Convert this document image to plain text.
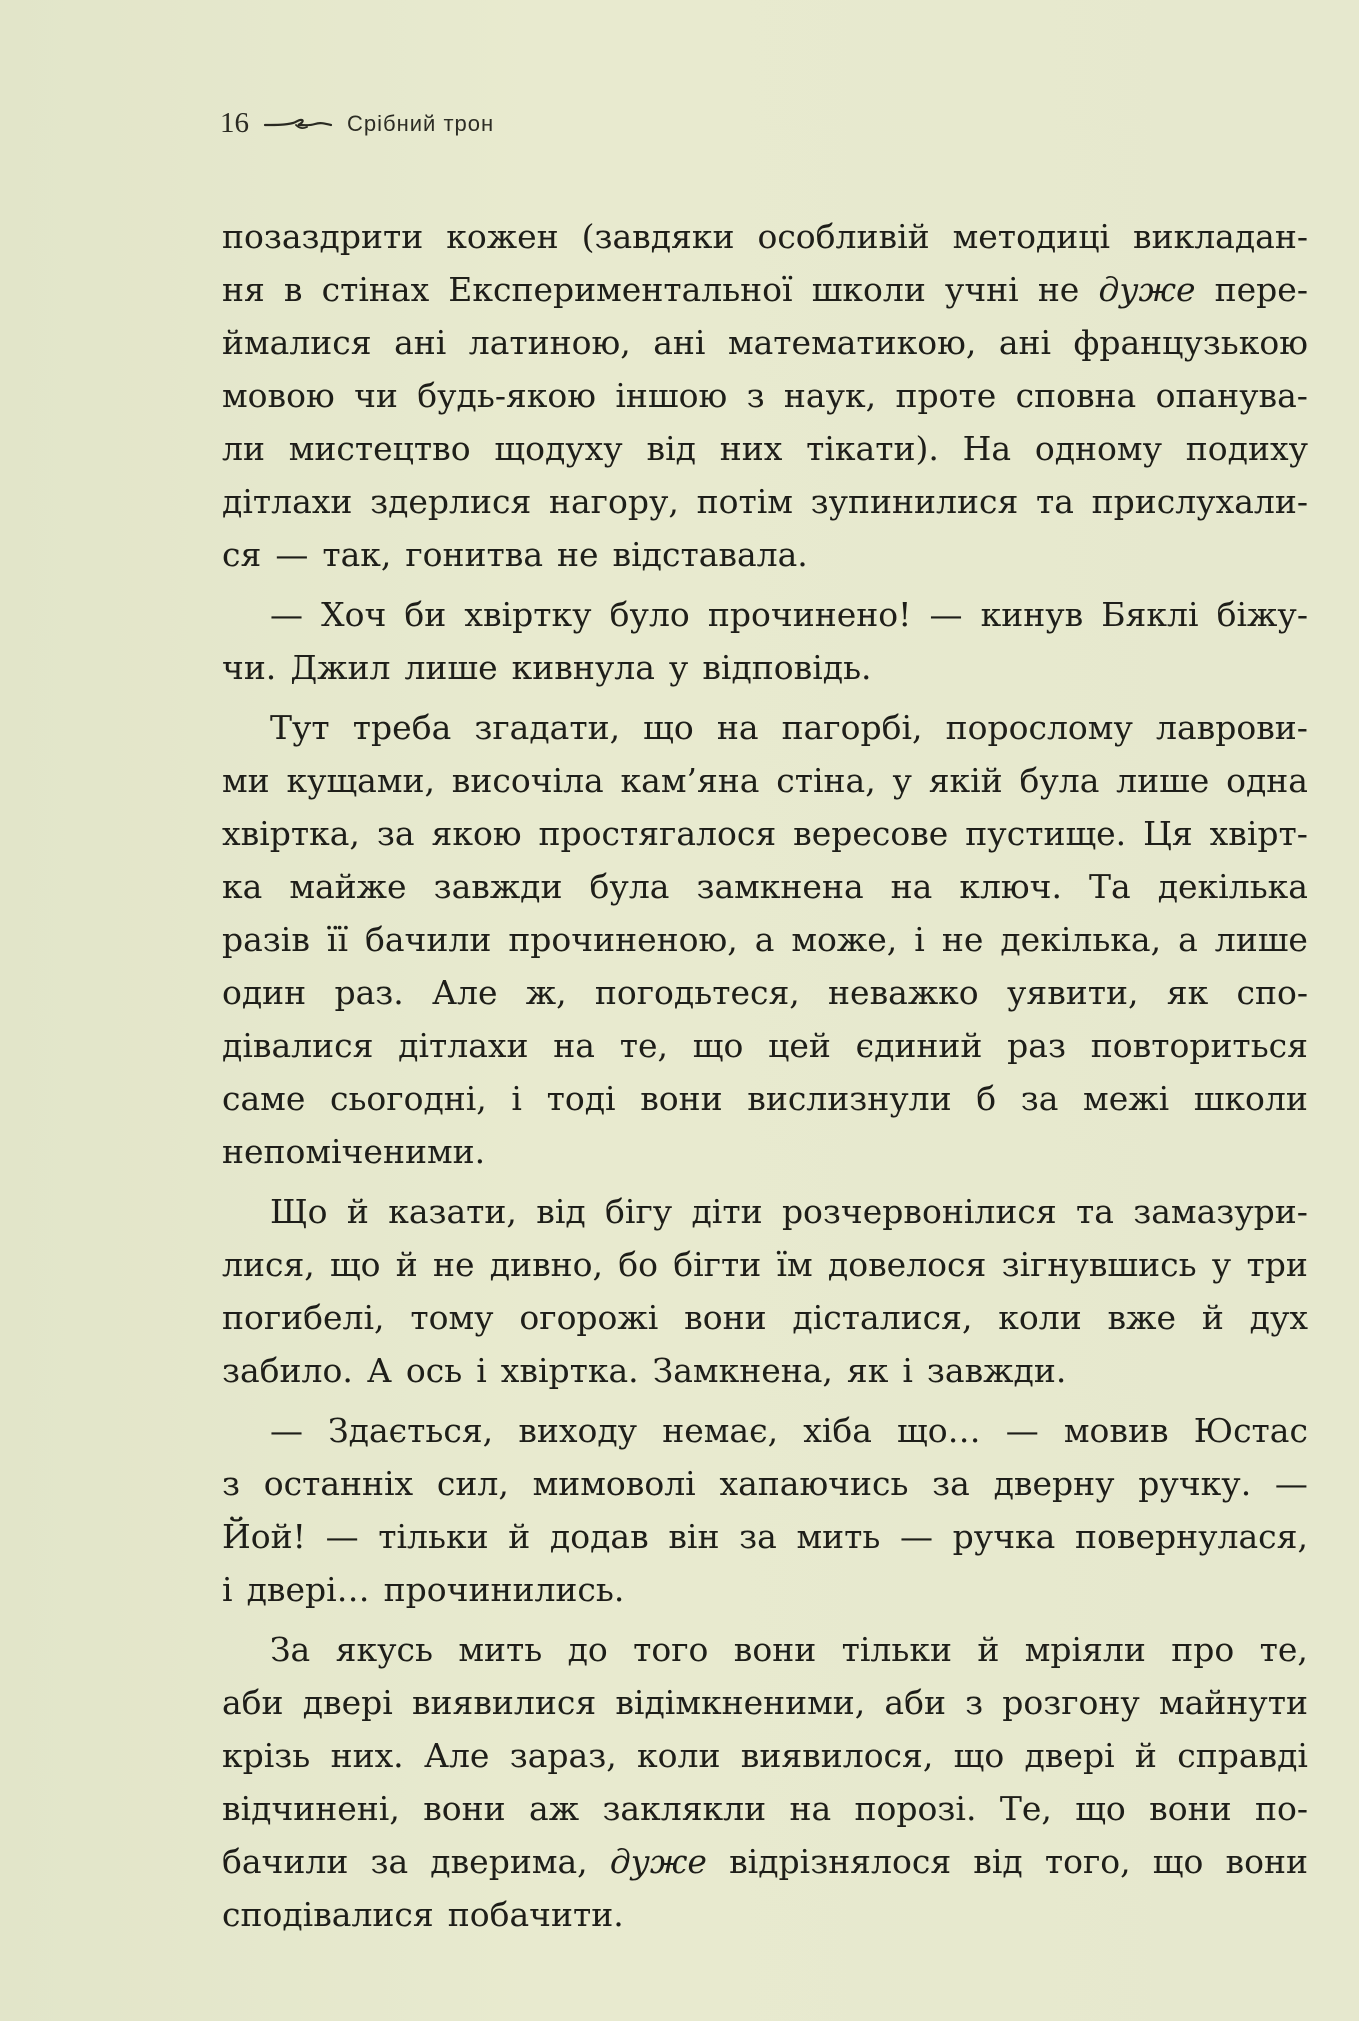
16	Срібний трон
позаздрити кожен (завдяки особливій методиці викладан-
ня в стінах Експериментальної школи учні не дуже пере-
ймалися ані латиною, ані математикою, ані французькою
мовою чи будь-якою іншою з наук, проте сповна опанува-
ли мистецтво щодуху від них тікати). На одному подиху
дітлахи здерлися нагору, потім зупинилися та прислухали-
ся — так, гонитва не відставала.
— Хоч би хвіртку було прочинено! — кинув Бяклі біжу-
чи. Джил лише кивнула у відповідь.
Тут треба згадати, що на пагорбі, порослому лаврови-
ми кущами, височіла кам’яна стіна, у якій була лише одна
хвіртка, за якою простягалося вересове пустище. Ця хвірт-
ка майже завжди була замкнена на ключ. Та декілька
разів її бачили прочиненою, а може, і не декілька, а лише
один раз. Але ж, погодьтеся, неважко уявити, як спо-
дівалися дітлахи на те, що цей єдиний раз повториться
саме сьогодні, і тоді вони вислизнули б за межі школи
непоміченими.
Що й казати, від бігу діти розчервонілися та замазури-
лися, що й не дивно, бо бігти їм довелося зігнувшись у три
погибелі, тому огорожі вони дісталися, коли вже й дух
забило. А ось і хвіртка. Замкнена, як і завжди.
— Здається, виходу немає, хіба що… — мовив Юстас
з останніх сил, мимоволі хапаючись за дверну ручку. —
Йой! — тільки й додав він за мить — ручка повернулася,
і двері… прочинились.
За якусь мить до того вони тільки й мріяли про те,
аби двері виявилися відімкненими, аби з розгону майнути
крізь них. Але зараз, коли виявилося, що двері й справді
відчинені, вони аж заклякли на порозі. Те, що вони по-
бачили за дверима, дуже відрізнялося від того, що вони
сподівалися побачити.
